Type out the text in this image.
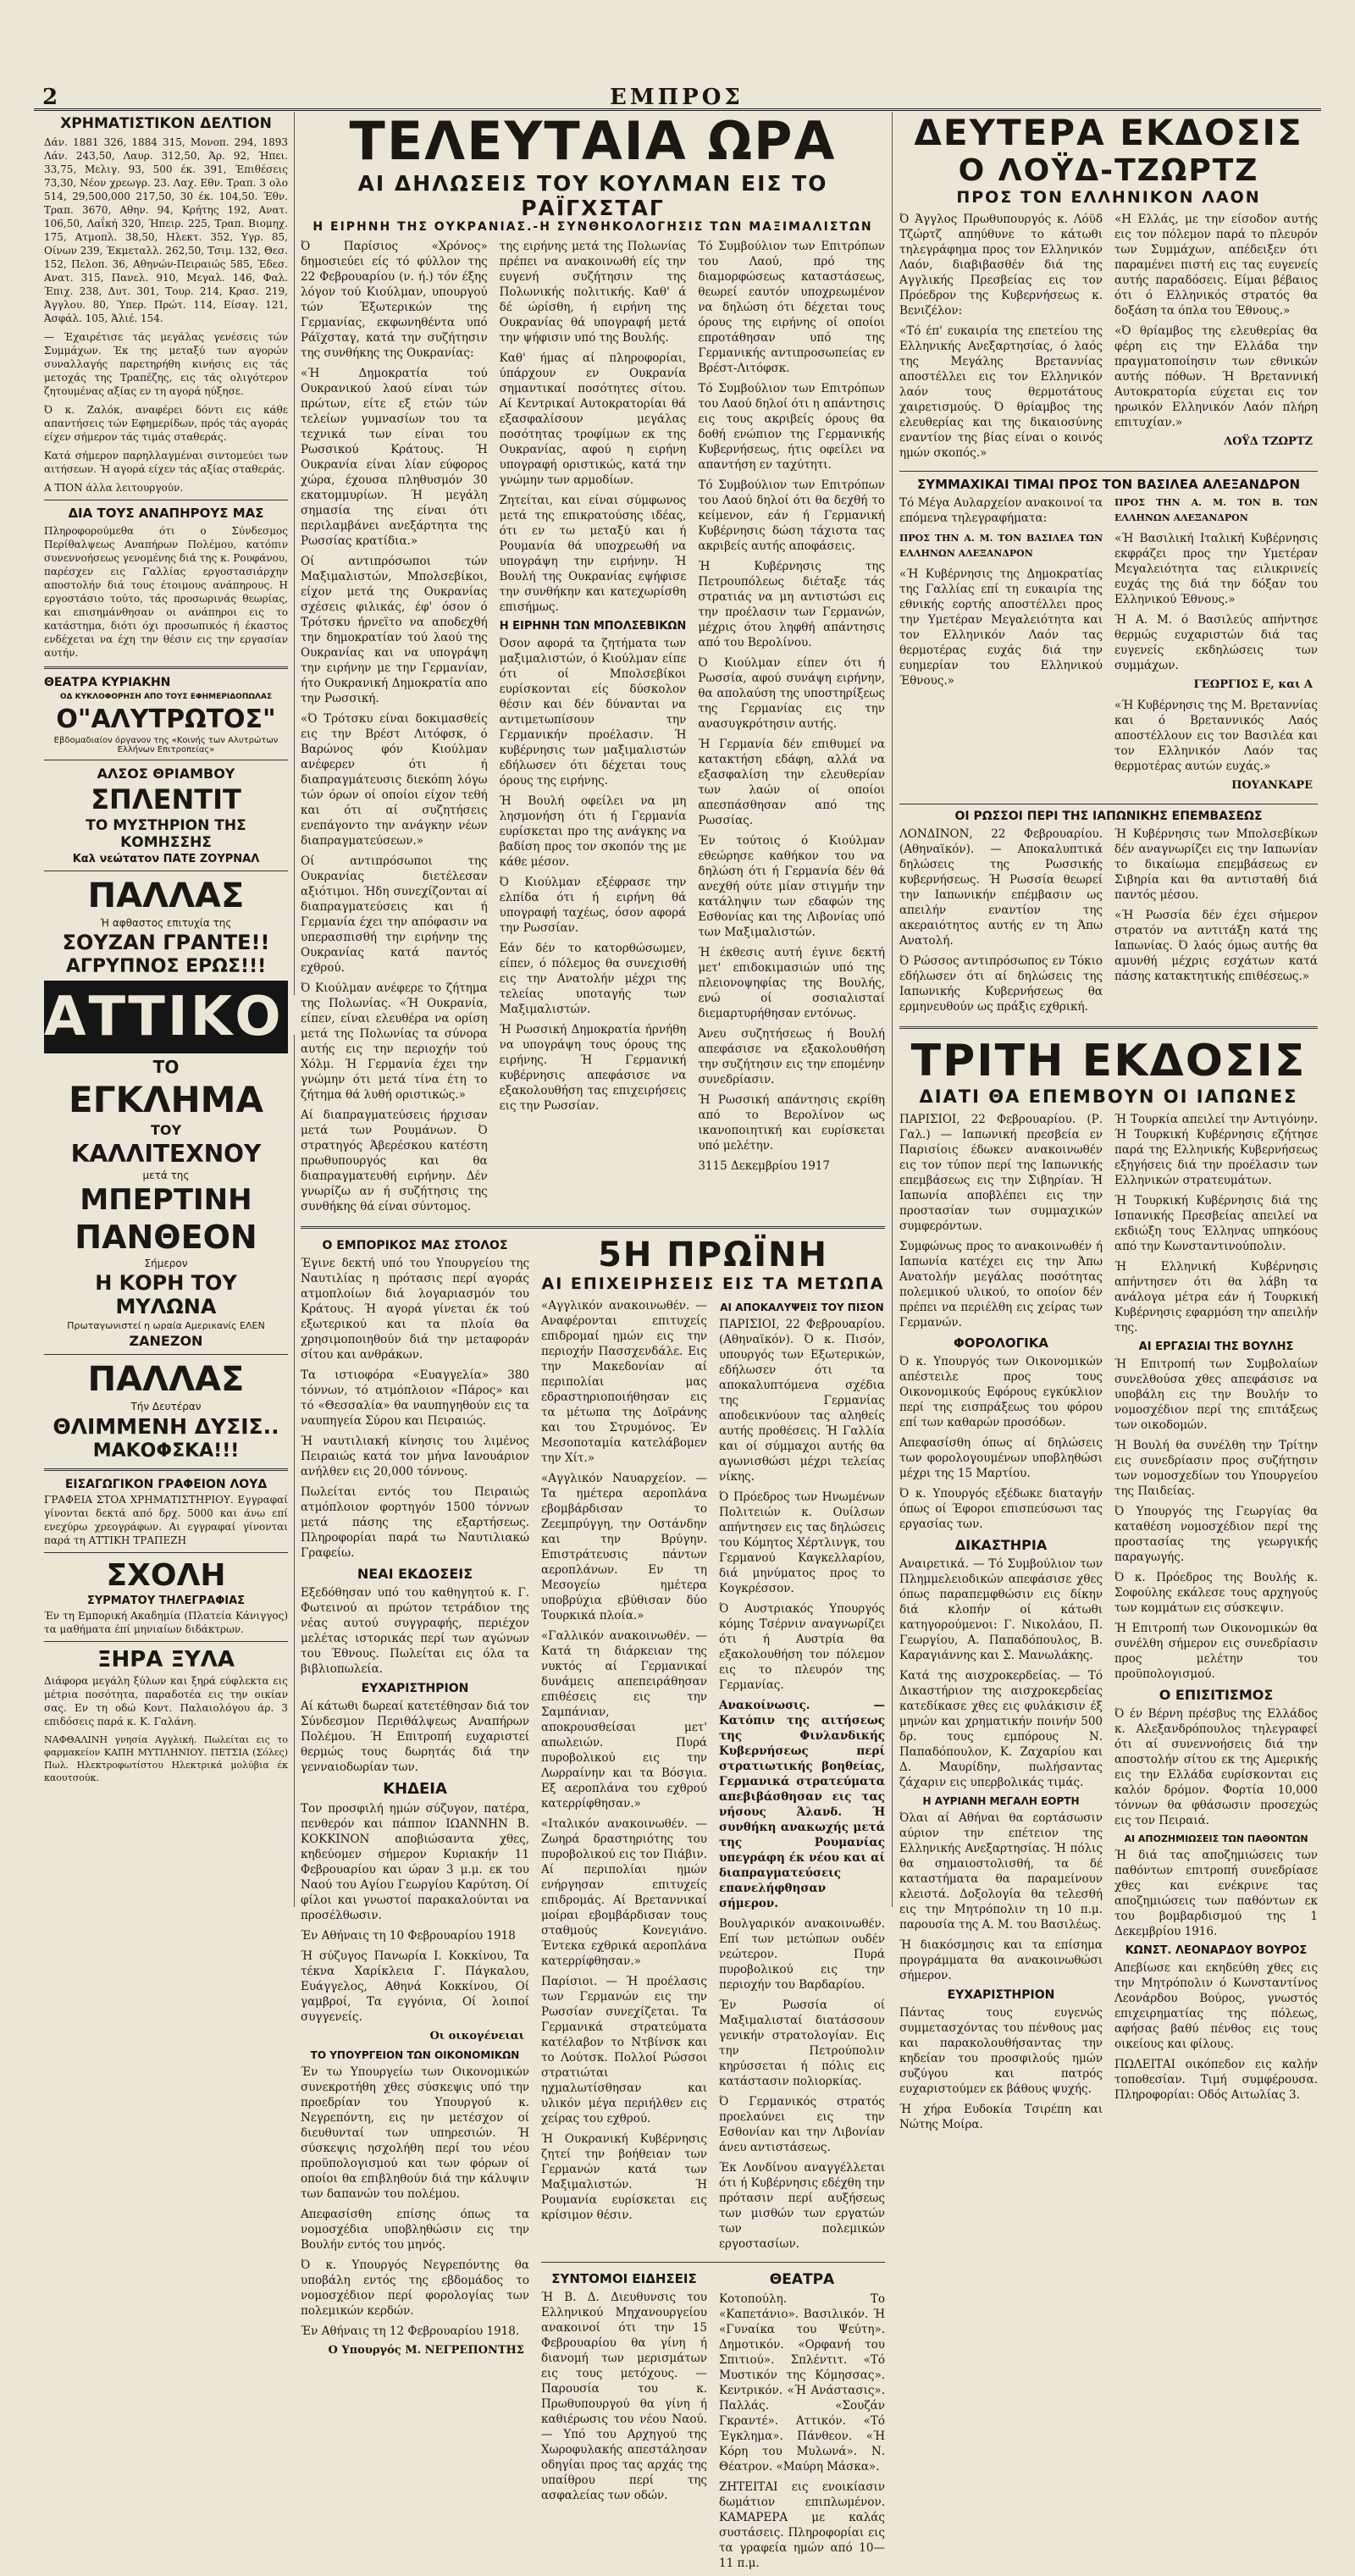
2	ΕΜΠΡΟΣ
ΧΡΗΜΑΤΙΣΤΙΚΟΝ ΔΕΛΤΙΟΝ

Δάν. 1881 326, 1884 315, Μονοπ. 294, 1893 Λάν. 243,50, Λαυρ. 312,50, Άρ. 92, Ήπει. 33,75, Μελιγ. 93, 500 έκ. 391, Έπιθέσεις 73,30, Νέον χρεωγρ. 23. Λαχ. Εθν. Τραπ. 3 ολο 514, 29,500,000 217,50, 30 έκ. 104,50. Έθν. Τραπ. 3670, Αθην. 94, Κρήτης 192, Ανατ. 106,50, Λαΐκή 320, Ήπειρ. 225, Τραπ. Βιομηχ. 175, Ατμοπλ. 38,50, Ηλεκτ. 352, Υγρ. 85, Οίνων 239, Έκμεταλλ. 262,50, Τσιμ. 132, Θεσ. 152, Πελοπ. 36, Αθηνών-Πειραιώς 585, Έδεσ. Ανατ. 315, Πανελ. 910, Μεγαλ. 146, Φαλ. Έπιχ. 238, Δυτ. 301, Τουρ. 214, Κρασ. 219, Άγγλου. 80, Ύπερ. Πρώτ. 114, Είσαγ. 121, Άσφάλ. 105, Άλιέ. 154.

— Έχαιρέτισε τάς μεγάλας γενέσεις τών Συμμάχων. Έκ της μεταξύ των αγορών συναλλαγής παρετηρήθη κινήσις εις τάς μετοχάς της Τραπέζης, εις τάς ολιγότερον ζητουμένας αξίας εν τη αγορά ηύξησε.

Ό κ. Ζαλόκ, αναφέρει δόντι εις κάθε απαντήσεις τών Εφημερίδων, πρός τάς αγοράς είχεν σήμερον τάς τιμάς σταθεράς.

Κατά σήμερον παρηλλαγμέναι σιντομεύει των αιτήσεων. Ή αγορά είχεν τάς αξίας σταθεράς.

Α ΤΙΟΝ άλλα λειτουργούν.

ΔΙΑ ΤΟΥΣ ΑΝΑΠΗΡΟΥΣ ΜΑΣ

Πληροφορούμεθα ότι ο Σύνδεσμος Περίθαλψεως Αναπήρων Πολέμου, κατόπιν συνεννοήσεως γενομένης διά της κ. Ρουφάνου, παρέσχεν εις Γαλλίας εργοστασιάρχην αποστολήν διά τους έτοιμους ανάπηρους. Η εργοστάσιο τούτο, τάς προσωρινάς θεωρίας, και επισημάνθησαν οι ανάπηροι εις το κατάστημα, διότι όχι προσωπικός ή έκαστος ενδέχεται να έχη την θέσιν εις την εργασίαν αυτήν.

ΘΕΑΤΡΑ ΚΥΡΙΑΚΗΝ
ΟΔ ΚΥΚΛΟΦΟΡΗΣΗ ΑΠΟ ΤΟΥΣ ΕΦΗΜΕΡΙΔΟΠΩΛΑΣ
Ο"ΑΛΥΤΡΩΤΟΣ"
Εβδομαδιαίον όργανον της «Κοινής των Αλυτρώτων Ελλήνων Επιτροπείας»
ΑΛΣΟΣ ΘΡΙΑΜΒΟΥ
ΣΠΛΕΝΤΙΤ
ΤΟ ΜΥΣΤΗΡΙΟΝ ΤΗΣ ΚΟΜΗΣΣΗΣ
Καλ νεώτατον ΠΑΤΕ ΖΟΥΡΝΑΛ
ΠΑΛΛΑΣ
Ή αφθαστος επιτυχία της
ΣΟΥΖΑΝ ΓΡΑΝΤΕ!!
ΑΓΡΥΠΝΟΣ ΕΡΩΣ!!!
ΑΤΤΙΚΟΝ
ΤΟ
ΕΓΚΛΗΜΑ
ΤΟΥ
ΚΑΛΛΙΤΕΧΝΟΥ
μετά της
ΜΠΕΡΤΙΝΗ
ΠΑΝΘΕΟΝ
Σήμερον
Η ΚΟΡΗ ΤΟΥ ΜΥΛΩΝΑ
Πρωταγωνιστεί η ωραία Αμερικανίς ΕΛΕΝ
ΖΑΝΕΖΟΝ
ΠΑΛΛΑΣ
Τήν Δευτέραν
ΘΛΙΜΜΕΝΗ ΔΥΣΙΣ..
ΜΑΚΟΦΣΚΑ!!!
ΕΙΣΑΓΩΓΙΚΟΝ ΓΡΑΦΕΙΟΝ ΛΟΥΔ

ΓΡΑΦΕΙΑ ΣΤΟΑ ΧΡΗΜΑΤΙΣΤΗΡΙΟΥ. Εγγραφαί γίνονται δεκτά από δρχ. 5000 και άνω επί ενεχύρω χρεογράφων. Αι εγγραφαί γίνονται παρά τη ΑΤΤΙΚΗ ΤΡΑΠΕΖΗ

ΣΧΟΛΗ
ΣΥΡΜΑΤΟΥ ΤΗΛΕΓΡΑΦΙΑΣ

Έν τη Εμπορική Ακαδημία (Πλατεία Κάνιγγος) τα μαθήματα έπί μηνιαίων διδάκτρων.

ΞΗΡΑ ΞΥΛΑ

Διάφορα μεγάλη ξύλων και ξηρά εύφλεκτα εις μέτρια ποσότητα, παραδοτέα εις την οικίαν σας. Εν τη οδώ Κοντ. Παλαιολόγου άρ. 3 επιδόσεις παρά κ. Κ. Γαλάνη.

ΝΑΦΘΑΛΙΝΗ γνησία Αγγλική. Πωλείται εις το φαρμακείον ΚΑΠΗ ΜΥΤΙΛΗΝΙΟΥ. ΠΕΤΣΙΑ (Σόλες) Πωλ. Ηλεκτροφωτίστου Ηλεκτρικά μολύβια έκ καουτσούκ.

ΤΕΛΕΥΤΑΙΑ ΩΡΑ
ΑΙ ΔΗΛΩΣΕΙΣ ΤΟΥ ΚΟΥΛΜΑΝ ΕΙΣ ΤΟ ΡΑΪΓΧΣΤΑΓ
Η ΕΙΡΗΝΗ ΤΗΣ ΟΥΚΡΑΝΙΑΣ.-Η ΣΥΝΘΗΚΟΛΟΓΗΣΙΣ ΤΩΝ ΜΑΞΙΜΑΛΙΣΤΩΝ

Ό Παρίσιος «Χρόνος» δημοσιεύει είς τό φύλλον της 22 Φεβρουαρίου (ν. ή.) τόν έξης λόγον τού Κιούλμαν, υπουργού τών Έξωτερικών της Γερμανίας, εκφωνηθέντα υπό Ράϊχσταγ, κατά την συζήτησιν της συνθήκης της Ουκρανίας:

«Ή Δημοκρατία τού Ουκρανικού λαού είναι τών πρώτων, είτε εξ ετών τών τελείων γυμνασίων του τα τεχνικά των είναι του Ρωσσικού Κράτους. Ή Ουκρανία είναι λίαν εύφορος χώρα, έχουσα πληθυσμόν 30 εκατομμυρίων. Ή μεγάλη σημασία της είναι ότι περιλαμβάνει ανεξάρτητα της Ρωσσίας κρατίδια.»

Οί αντιπρόσωποι τών Μαξιμαλιστών, Μπολσεβίκοι, είχον μετά της Ουκρανίας σχέσεις φιλικάς, έφ' όσον ό Τρότσκυ ήρνεϊτο να αποδεχθή την δημοκρατίαν τού λαού της Ουκρανίας και να υπογράψη την ειρήνην με την Γερμανίαν, ήτο Ουκρανική Δημοκρατία απο την Ρωσσική.

«Ό Τρότσκυ είναι δοκιμασθείς εις την Βρέστ Λιτόφσκ, ό Βαρώνος φόν Κιούλμαν ανέφερεν ότι ή διαπραγμάτευσις διεκόπη λόγω τών όρων οί οποίοι είχον τεθή και ότι αί συζητήσεις ενεπάγοντο την ανάγκην νέων διαπραγματεύσεων.»

Οί αντιπρόσωποι της Ουκρανίας διετέλεσαν αξιότιμοι. Ήδη συνεχίζονται αί διαπραγματεύσεις και ή Γερμανία έχει την απόφασιν να υπερασπισθή την ειρήνην της Ουκρανίας κατά παντός εχθρού.

Ό Κιούλμαν ανέφερε το ζήτημα της Πολωνίας. «Ή Ουκρανία, είπεν, είναι ελευθέρα να ορίση μετά της Πολωνίας τα σύνορα αυτής εις την περιοχήν τού Χόλμ. Ή Γερμανία έχει την γνώμην ότι μετά τίνα έτη το ζήτημα θά λυθή οριστικώς.»

Αί διαπραγματεύσεις ήρχισαν μετά των Ρουμάνων. Ό στρατηγός Άβερέσκου κατέστη πρωθυπουργός και θα διαπραγματευθή ειρήνην. Δέν γνωρίζω αν ή συζήτησις της συνθήκης θά είναι σύντομος.

της ειρήνης μετά της Πολωνίας πρέπει να ανακοινωθή είς την ευγενή συζήτησιν της Πολωνικής πολιτικής. Καθ' ά δέ ώρίσθη, ή ειρήνη της Ουκρανίας θά υπογραφή μετά την ψήφισιν υπό της Βουλής.

Καθ' ήμας αί πληροφορίαι, ύπάρχουν εν Ουκρανία σημαντικαί ποσότητες σίτου. Αί Κεντρικαί Αυτοκρατορίαι θά εξασφαλίσουν μεγάλας ποσότητας τροφίμων εκ της Ουκρανίας, αφού η ειρήνη υπογραφή οριστικώς, κατά την γνώμην των αρμοδίων.

Ζητείται, και είναι σύμφωνος μετά της επικρατούσης ιδέας, ότι εν τω μεταξύ και ή Ρουμανία θά υποχρεωθή να υπογράψη την ειρήνην. Ή Βουλή της Ουκρανίας εψήφισε την συνθήκην και κατεχωρίσθη επισήμως.

Η ΕΙΡΗΝΗ ΤΩΝ ΜΠΟΛΣΕΒΙΚΩΝ

Όσον αφορά τα ζητήματα των μαξιμαλιστών, ό Κιούλμαν είπε ότι οί Μπολσεβίκοι ευρίσκονται είς δύσκολον θέσιν και δέν δύνανται να αντιμετωπίσουν την Γερμανικήν προέλασιν. Ή κυβέρνησις των μαξιμαλιστών εδήλωσεν ότι δέχεται τους όρους της ειρήνης.

Ή Βουλή οφείλει να μη λησμονήση ότι ή Γερμανία ευρίσκεται προ της ανάγκης να βαδίση προς τον σκοπόν της με κάθε μέσον.

Ό Κιούλμαν εξέφρασε την ελπίδα ότι ή ειρήνη θά υπογραφή ταχέως, όσον αφορά την Ρωσσίαν.

Εάν δέν το κατορθώσωμεν, είπεν, ό πόλεμος θα συνεχισθή εις την Ανατολήν μέχρι της τελείας υποταγής των Μαξιμαλιστών.

Ή Ρωσσική Δημοκρατία ήρνήθη να υπογράψη τους όρους της ειρήνης. Ή Γερμανική κυβέρνησις απεφάσισε να εξακολουθήση τας επιχειρήσεις εις την Ρωσσίαν.

Τό Συμβούλιον των Επιτρόπων του Λαού, πρό της διαμορφώσεως καταστάσεως, θεωρεί εαυτόν υποχρεωμένον να δηλώση ότι δέχεται τους όρους της ειρήνης οί οποίοι επροτάθησαν υπό της Γερμανικής αντιπροσωπείας εν Βρέστ-Λιτόφσκ.

Τό Συμβούλιον των Επιτρόπων του Λαού δηλοί ότι η απάντησις εις τους ακριβείς όρους θα δοθή ενώπιον της Γερμανικής Κυβερνήσεως, ήτις οφείλει να απαντήση εν ταχύτητι.

Τό Συμβούλιον των Επιτρόπων του Λαού δηλοί ότι θα δεχθή το κείμενον, εάν ή Γερμανική Κυβέρνησις δώση τάχιστα τας ακριβείς αυτής αποφάσεις.

Ή Κυβέρνησις της Πετρουπόλεως διέταξε τάς στρατιάς να μη αντιστώσι εις την προέλασιν των Γερμανών, μέχρις ότου ληφθή απάντησις από του Βερολίνου.

Ό Κιούλμαν είπεν ότι ή Ρωσσία, αφού συνάψη ειρήνην, θα απολαύση της υποστηρίξεως της Γερμανίας εις την ανασυγκρότησιν αυτής.

Ή Γερμανία δέν επιθυμεί να κατακτήση εδάφη, αλλά να εξασφαλίση την ελευθερίαν των λαών οί οποίοι απεσπάσθησαν από της Ρωσσίας.

Έν τούτοις ό Κιούλμαν εθεώρησε καθήκον του να δηλώση ότι ή Γερμανία δέν θά ανεχθή ούτε μίαν στιγμήν την κατάληψιν των εδαφών της Εσθονίας και της Λιβονίας υπό των Μαξιμαλιστών.

Ή έκθεσις αυτή έγινε δεκτή μετ' επιδοκιμασιών υπό της πλειονοψηφίας της Βουλής, ενώ οί σοσιαλισταί διεμαρτυρήθησαν εντόνως.

Άνευ συζητήσεως ή Βουλή απεφάσισε να εξακολουθήση την συζήτησιν εις την επομένην συνεδρίασιν.

Ή Ρωσσική απάντησις εκρίθη από το Βερολίνον ως ικανοποιητική και ευρίσκεται υπό μελέτην.

3115 Δεκεμβρίου 1917

Ο ΕΜΠΟΡΙΚΟΣ ΜΑΣ ΣΤΟΛΟΣ

Έγινε δεκτή υπό του Υπουργείου της Ναυτιλίας η πρότασις περί αγοράς ατμοπλοίων διά λογαριασμόν του Κράτους. Ή αγορά γίνεται έκ τού εξωτερικού και τα πλοία θα χρησιμοποιηθούν διά την μεταφοράν σίτου και ανθράκων.

Τα ιστιοφόρα «Ευαγγελία» 380 τόννων, τό ατμόπλοιον «Πάρος» και τό «Θεσσαλία» θα ναυπηγηθούν εις τα ναυπηγεία Σύρου και Πειραιώς.

Ή ναυτιλιακή κίνησις του λιμένος Πειραιώς κατά τον μήνα Ιανουάριον ανήλθεν εις 20,000 τόννους.

Πωλείται εντός του Πειραιώς ατμόπλοιον φορτηγόν 1500 τόννων μετά πάσης της εξαρτήσεως. Πληροφορίαι παρά τω Ναυτιλιακώ Γραφείω.

ΝΕΑΙ ΕΚΔΟΣΕΙΣ

Εξεδόθησαν υπό του καθηγητού κ. Γ. Φωτεινού αι πρώτον τετράδιον της νέας αυτού συγγραφής, περιέχον μελέτας ιστορικάς περί των αγώνων του Έθνους. Πωλείται εις όλα τα βιβλιοπωλεία.

ΕΥΧΑΡΙΣΤΗΡΙΟΝ

Αί κάτωθι δωρεαί κατετέθησαν διά τον Σύνδεσμον Περιθάλψεως Αναπήρων Πολέμου. Ή Επιτροπή ευχαριστεί θερμώς τους δωρητάς διά την γενναιοδωρίαν των.

ΚΗΔΕΙΑ

Τον προσφιλή ημών σύζυγον, πατέρα, πενθερόν και πάππον ΙΩΑΝΝΗΝ Β. ΚΟΚΚΙΝΟΝ αποβιώσαντα χθες, κηδεύομεν σήμερον Κυριακήν 11 Φεβρουαρίου και ώραν 3 μ.μ. εκ του Ναού του Αγίου Γεωργίου Καρύτση. Οί φίλοι και γνωστοί παρακαλούνται να προσέλθωσιν.

Έν Αθήναις τη 10 Φεβρουαρίου 1918

Ή σύζυγος Πανωρία Ι. Κοκκίνου, Τα τέκνα Χαρίκλεια Γ. Πάγκαλου, Ευάγγελος, Αθηνά Κοκκίνου, Οί γαμβροί, Τα εγγόνια, Οί λοιποί συγγενείς.

Οι οικογένειαι
ΤΟ ΥΠΟΥΡΓΕΙΟΝ ΤΩΝ ΟΙΚΟΝΟΜΙΚΩΝ

Έν τω Υπουργείω των Οικονομικών συνεκροτήθη χθες σύσκεψις υπό την προεδρίαν του Υπουργού κ. Νεγρεπόντη, εις ην μετέσχον οί διευθυνταί των υπηρεσιών. Ή σύσκεψις ησχολήθη περί του νέου προϋπολογισμού και των φόρων οί οποίοι θα επιβληθούν διά την κάλυψιν των δαπανών του πολέμου.

Απεφασίσθη επίσης όπως τα νομοσχέδια υποβληθώσιν εις την Βουλήν εντός του μηνός.

Ό κ. Υπουργός Νεγρεπόντης θα υποβάλη εντός της εβδομάδος το νομοσχέδιον περί φορολογίας των πολεμικών κερδών.

Έν Αθήναις τη 12 Φεβρουαρίου 1918.

Ο Υπουργός Μ. ΝΕΓΡΕΠΟΝΤΗΣ
5Η ΠΡΩΪΝΗ
ΑΙ ΕΠΙΧΕΙΡΗΣΕΙΣ ΕΙΣ ΤΑ ΜΕΤΩΠΑ

«Αγγλικόν ανακοινωθέν. — Αναφέρονται επιτυχείς επιδρομαί ημών εις την περιοχήν Πασσχενδάλε. Εις την Μακεδονίαν αί περιπολίαι μας εδραστηριοποιήθησαν εις τα μέτωπα της Δοϊράνης και του Στρυμόνος. Έν Μεσοποταμία κατελάβομεν την Χίτ.»

«Αγγλικόν Ναυαρχείον. — Τα ημέτερα αεροπλάνα εβομβάρδισαν το Ζεεμπρύγγη, την Οστάνδην και την Βρύγην. Επιστράτευσις πάντων αεροπλάνων. Εν τη Μεσογείω ημέτερα υποβρύχια εβύθισαν δύο Τουρκικά πλοία.»

«Γαλλικόν ανακοινωθέν. — Κατά τη διάρκειαν της νυκτός αί Γερμανικαί δυνάμεις απεπειράθησαν επιθέσεις εις την Σαμπάνιαν, αποκρουσθείσαι μετ' απωλειών. Πυρά πυροβολικού εις την Λωρραίνην και τα Βόσγια. Εξ αεροπλάνα του εχθρού κατερρίφθησαν.»

«Ιταλικόν ανακοινωθέν. — Ζωηρά δραστηριότης του πυροβολικού εις τον Πιάβιν. Αί περιπολίαι ημών ενήργησαν επιτυχείς επιδρομάς. Αί Βρεταννικαί μοίραι εβομβάρδισαν τους σταθμούς Κονεγιάνο. Έντεκα εχθρικά αεροπλάνα κατερρίφθησαν.»

Παρίσιοι. — Ή προέλασις των Γερμανών εις την Ρωσσίαν συνεχίζεται. Τα Γερμανικά στρατεύματα κατέλαβον το Ντβίνσκ και το Λούτσκ. Πολλοί Ρώσσοι στρατιώται ηχμαλωτίσθησαν και υλικόν μέγα περιήλθεν εις χείρας του εχθρού.

Ή Ουκρανική Κυβέρνησις ζητεί την βοήθειαν των Γερμανών κατά των Μαξιμαλιστών. Ή Ρουμανία ευρίσκεται εις κρίσιμον θέσιν.

ΑΙ ΑΠΟΚΑΛΥΨΕΙΣ ΤΟΥ ΠΙΣΟΝ

ΠΑΡΙΣΙΟΙ, 22 Φεβρουαρίου. (Αθηναϊκόν). Ό κ. Πισόν, υπουργός των Εξωτερικών, εδήλωσεν ότι τα αποκαλυπτόμενα σχέδια της Γερμανίας αποδεικνύουν τας αληθείς αυτής προθέσεις. Ή Γαλλία και οί σύμμαχοι αυτής θα αγωνισθώσι μέχρι τελείας νίκης.

Ό Πρόεδρος των Ηνωμένων Πολιτειών κ. Ουίλσων απήντησεν εις τας δηλώσεις του Κόμητος Χέρτλινγκ, του Γερμανού Καγκελλαρίου, διά μηνύματος προς το Κογκρέσσον.

Ό Αυστριακός Υπουργός κόμης Τσέρνιν αναγνωρίζει ότι ή Αυστρία θα εξακολουθήση τον πόλεμον εις το πλευρόν της Γερμανίας.

Ανακοίνωσις. — Κατόπιν της αιτήσεως της Φινλανδικής Κυβερνήσεως περί στρατιωτικής βοηθείας, Γερμανικά στρατεύματα απεβιβάσθησαν εις τας νήσους Άλανδ. Ή συνθήκη ανακωχής μετά της Ρουμανίας υπεγράφη έκ νέου και αί διαπραγματεύσεις επανελήφθησαν σήμερον.

Βουλγαρικόν ανακοινωθέν. Επί των μετώπων ουδέν νεώτερον. Πυρά πυροβολικού εις την περιοχήν του Βαρδαρίου.

Έν Ρωσσία οί Μαξιμαλισταί διατάσσουν γενικήν στρατολογίαν. Εις την Πετρούπολιν κηρύσσεται ή πόλις εις κατάστασιν πολιορκίας.

Ό Γερμανικός στρατός προελαύνει εις την Εσθονίαν και την Λιβονίαν άνευ αντιστάσεως.

Έκ Λονδίνου αναγγέλλεται ότι ή Κυβέρνησις εδέχθη την πρότασιν περί αυξήσεως των μισθών των εργατών των πολεμικών εργοστασίων.

ΣΥΝΤΟΜΟΙ ΕΙΔΗΣΕΙΣ

Ή Β. Δ. Διευθυνσις του Ελληνικού Μηχανουργείου ανακοινοί ότι την 15 Φεβρουαρίου θα γίνη ή διανομή των μερισμάτων εις τους μετόχους. — Παρουσία του κ. Πρωθυπουργού θα γίνη ή καθιέρωσις του νέου Ναού. — Υπό του Αρχηγού της Χωροφυλακής απεστάλησαν οδηγίαι προς τας αρχάς της υπαίθρου περί της ασφαλείας των οδών.

ΘΕΑΤΡΑ

Κοτοπούλη. Το «Καπετάνιο». Βασιλικόν. Ή «Γυναίκα του Ψεύτη». Δημοτικόν. «Ορφανή του Σπιτιού». Σπλέντιτ. «Τό Μυστικόν της Κόμησσας». Κεντρικόν. «Ή Ανάστασις». Παλλάς. «Σουζάν Γκραντέ». Αττικόν. «Τό Έγκλημα». Πάνθεον. «Ή Κόρη του Μυλωνά». Ν. Θέατρον. «Μαύρη Μάσκα».

ΖΗΤΕΙΤΑΙ εις ενοικίασιν δωμάτιον επιπλωμένον. ΚΑΜΑΡΕΡΑ με καλάς συστάσεις. Πληροφορίαι εις τα γραφεία ημών από 10—11 π.μ.

ΔΕΥΤΕΡΑ ΕΚΔΟΣΙΣ
Ο ΛΟΫΔ-ΤΖΩΡΤΖ
ΠΡΟΣ ΤΟΝ ΕΛΛΗΝΙΚΟΝ ΛΑΟΝ

Ό Άγγλος Πρωθυπουργός κ. Λόϋδ Τζώρτζ απηύθυνε το κάτωθι τηλεγράφημα προς τον Ελληνικόν Λαόν, διαβιβασθέν διά της Αγγλικής Πρεσβείας εις τον Πρόεδρον της Κυβερνήσεως κ. Βενιζέλον:

«Τό έπ' ευκαιρία της επετείου της Ελληνικής Ανεξαρτησίας, ό λαός της Μεγάλης Βρεταννίας αποστέλλει εις τον Ελληνικόν λαόν τους θερμοτάτους χαιρετισμούς. Ό θρίαμβος της ελευθερίας και της δικαιοσύνης εναντίον της βίας είναι ο κοινός ημών σκοπός.»

«Η Ελλάς, με την είσοδον αυτής εις τον πόλεμον παρά το πλευρόν των Συμμάχων, απέδειξεν ότι παραμένει πιστή εις τας ευγενείς αυτής παραδόσεις. Είμαι βέβαιος ότι ό Ελληνικός στρατός θα δοξάση τα όπλα του Έθνους.»

«Ό θρίαμβος της ελευθερίας θα φέρη εις την Ελλάδα την πραγματοποίησιν των εθνικών αυτής πόθων. Ή Βρεταννική Αυτοκρατορία εύχεται εις τον ηρωικόν Ελληνικόν Λαόν πλήρη επιτυχίαν.»

ΛΟΫΔ ΤΖΩΡΤΖ
ΣΥΜΜΑΧΙΚΑΙ ΤΙΜΑΙ ΠΡΟΣ ΤΟΝ ΒΑΣΙΛΕΑ ΑΛΕΞΑΝΔΡΟΝ

Τό Μέγα Αυλαρχείον ανακοινοί τα επόμενα τηλεγραφήματα:

ΠΡΟΣ ΤΗΝ Α. Μ. ΤΟΝ ΒΑΣΙΛΕΑ ΤΩΝ ΕΛΛΗΝΩΝ ΑΛΕΞΑΝΔΡΟΝ

«Ή Κυβέρνησις της Δημοκρατίας της Γαλλίας επί τη ευκαιρία της εθνικής εορτής αποστέλλει προς την Υμετέραν Μεγαλειότητα και τον Ελληνικόν Λαόν τας θερμοτέρας ευχάς διά την ευημερίαν του Ελληνικού Έθνους.»

ΠΡΟΣ ΤΗΝ Α. Μ. ΤΟΝ Β. ΤΩΝ ΕΛΛΗΝΩΝ ΑΛΕΞΑΝΔΡΟΝ

«Ή Βασιλική Ιταλική Κυβέρνησις εκφράζει προς την Υμετέραν Μεγαλειότητα τας ειλικρινείς ευχάς της διά την δόξαν του Ελληνικού Έθνους.»

Ή Α. Μ. ό Βασιλεύς απήντησε θερμώς ευχαριστών διά τας ευγενείς εκδηλώσεις των συμμάχων.

ΓΕΩΡΓΙΟΣ Ε, και Α

«Ή Κυβέρνησις της Μ. Βρεταννίας και ό Βρεταννικός Λαός αποστέλλουν εις τον Βασιλέα και τον Ελληνικόν Λαόν τας θερμοτέρας αυτών ευχάς.»

ΠΟΥΑΝΚΑΡΕ
ΟΙ ΡΩΣΣΟΙ ΠΕΡΙ ΤΗΣ ΙΑΠΩΝΙΚΗΣ ΕΠΕΜΒΑΣΕΩΣ

ΛΟΝΔΙΝΟΝ, 22 Φεβρουαρίου. (Αθηναϊκόν). — Αποκαλυπτικά δηλώσεις της Ρωσσικής κυβερνήσεως. Ή Ρωσσία θεωρεί την Ιαπωνικήν επέμβασιν ως απειλήν εναντίον της ακεραιότητος αυτής εν τη Άπω Ανατολή.

Ό Ρώσσος αντιπρόσωπος εν Τόκιο εδήλωσεν ότι αί δηλώσεις της Ιαπωνικής Κυβερνήσεως θα ερμηνευθούν ως πράξις εχθρική.

Ή Κυβέρνησις των Μπολσεβίκων δέν αναγνωρίζει εις την Ιαπωνίαν το δικαίωμα επεμβάσεως εν Σιβηρία και θα αντισταθή διά παντός μέσου.

«Ή Ρωσσία δέν έχει σήμερον στρατόν να αντιτάξη κατά της Ιαπωνίας. Ό λαός όμως αυτής θα αμυνθή μέχρις εσχάτων κατά πάσης κατακτητικής επιθέσεως.»

ΤΡΙΤΗ ΕΚΔΟΣΙΣ
ΔΙΑΤΙ ΘΑ ΕΠΕΜΒΟΥΝ ΟΙ ΙΑΠΩΝΕΣ

ΠΑΡΙΣΙΟΙ, 22 Φεβρουαρίου. (Ρ. Γαλ.) — Ιαπωνική πρεσβεία εν Παρισίοις έδωκεν ανακοινωθέν εις τον τύπον περί της Ιαπωνικής επεμβάσεως εις την Σιβηρίαν. Ή Ιαπωνία αποβλέπει εις την προστασίαν των συμμαχικών συμφερόντων.

Συμφώνως προς το ανακοινωθέν ή Ιαπωνία κατέχει εις την Άπω Ανατολήν μεγάλας ποσότητας πολεμικού υλικού, το οποίον δέν πρέπει να περιέλθη εις χείρας των Γερμανών.

ΦΟΡΟΛΟΓΙΚΑ

Ό κ. Υπουργός των Οικονομικών απέστειλε προς τους Οικονομικούς Εφόρους εγκύκλιον περί της εισπράξεως του φόρου επί των καθαρών προσόδων.

Απεφασίσθη όπως αί δηλώσεις των φορολογουμένων υποβληθώσι μέχρι της 15 Μαρτίου.

Ό κ. Υπουργός εξέδωκε διαταγήν όπως οί Έφοροι επισπεύσωσι τας εργασίας των.

ΔΙΚΑΣΤΗΡΙΑ

Αναιρετικά. — Τό Συμβούλιον των Πλημμελειοδικών απεφάσισε χθες όπως παραπεμφθώσιν εις δίκην διά κλοπήν οί κάτωθι κατηγορούμενοι: Γ. Νικολάου, Π. Γεωργίου, Α. Παπαδόπουλος, Β. Καραγιάννης και Σ. Μανωλάκης.

Κατά της αισχροκερδείας. — Τό Δικαστήριον της αισχροκερδείας κατεδίκασε χθες εις φυλάκισιν έξ μηνών και χρηματικήν ποινήν 500 δρ. τους εμπόρους Ν. Παπαδόπουλον, Κ. Ζαχαρίου και Δ. Μαυρίδην, πωλήσαντας ζάχαριν εις υπερβολικάς τιμάς.

Η ΑΥΡΙΑΝΗ ΜΕΓΑΛΗ ΕΟΡΤΗ

Όλαι αί Αθήναι θα εορτάσωσιν αύριον την επέτειον της Ελληνικής Ανεξαρτησίας. Ή πόλις θα σημαιοστολισθή, τα δέ καταστήματα θα παραμείνουν κλειστά. Δοξολογία θα τελεσθή εις την Μητρόπολιν τη 10 π.μ. παρουσία της Α. Μ. του Βασιλέως.

Ή διακόσμησις και τα επίσημα προγράμματα θα ανακοινωθώσι σήμερον.

ΕΥΧΑΡΙΣΤΗΡΙΟΝ

Πάντας τους ευγενώς συμμετασχόντας του πένθους μας και παρακολουθήσαντας την κηδείαν του προσφιλούς ημών συζύγου και πατρός ευχαριστούμεν εκ βάθους ψυχής.

Ή χήρα Ευδοκία Τσιρέπη και Νώτης Μοίρα.

Ή Τουρκία απειλεί την Αντιγόνην. Ή Τουρκική Κυβέρνησις εζήτησε παρά της Ελληνικής Κυβερνήσεως εξηγήσεις διά την προέλασιν των Ελληνικών στρατευμάτων.

Ή Τουρκική Κυβέρνησις διά της Ισπανικής Πρεσβείας απειλεί να εκδιώξη τους Έλληνας υπηκόους από την Κωνσταντινούπολιν.

Ή Ελληνική Κυβέρνησις απήντησεν ότι θα λάβη τα ανάλογα μέτρα εάν ή Τουρκική Κυβέρνησις εφαρμόση την απειλήν της.

ΑΙ ΕΡΓΑΣΙΑΙ ΤΗΣ ΒΟΥΛΗΣ

Ή Επιτροπή των Συμβολαίων συνελθούσα χθες απεφάσισε να υποβάλη εις την Βουλήν το νομοσχέδιον περί της επιτάξεως των οικοδομών.

Ή Βουλή θα συνέλθη την Τρίτην εις συνεδρίασιν προς συζήτησιν των νομοσχεδίων του Υπουργείου της Παιδείας.

Ό Υπουργός της Γεωργίας θα καταθέση νομοσχέδιον περί της προστασίας της γεωργικής παραγωγής.

Ό κ. Πρόεδρος της Βουλής κ. Σοφούλης εκάλεσε τους αρχηγούς των κομμάτων εις σύσκεψιν.

Ή Επιτροπή των Οικονομικών θα συνέλθη σήμερον εις συνεδρίασιν προς μελέτην του προϋπολογισμού.

Ο ΕΠΙΣΙΤΙΣΜΟΣ

Ό έν Βέρνη πρέσβυς της Ελλάδος κ. Αλεξανδρόπουλος τηλεγραφεί ότι αί συνεννοήσεις διά την αποστολήν σίτου εκ της Αμερικής εις την Ελλάδα ευρίσκονται εις καλόν δρόμον. Φορτία 10,000 τόννων θα φθάσωσιν προσεχώς εις τον Πειραιά.

ΑΙ ΑΠΟΖΗΜΙΩΣΕΙΣ ΤΩΝ ΠΑΘΟΝΤΩΝ

Ή διά τας αποζημιώσεις των παθόντων επιτροπή συνεδρίασε χθες και ενέκρινε τας αποζημιώσεις των παθόντων εκ του βομβαρδισμού της 1 Δεκεμβρίου 1916.

ΚΩΝΣΤ. ΛΕΟΝΑΡΔΟΥ ΒΟΥΡΟΣ

Απεβίωσε και εκηδεύθη χθες εις την Μητρόπολιν ό Κωνσταντίνος Λεονάρδου Βούρος, γνωστός επιχειρηματίας της πόλεως, αφήσας βαθύ πένθος εις τους οικείους και φίλους.

ΠΩΛΕΙΤΑΙ οικόπεδον εις καλήν τοποθεσίαν. Τιμή συμφέρουσα. Πληροφορίαι: Οδός Αιτωλίας 3.
